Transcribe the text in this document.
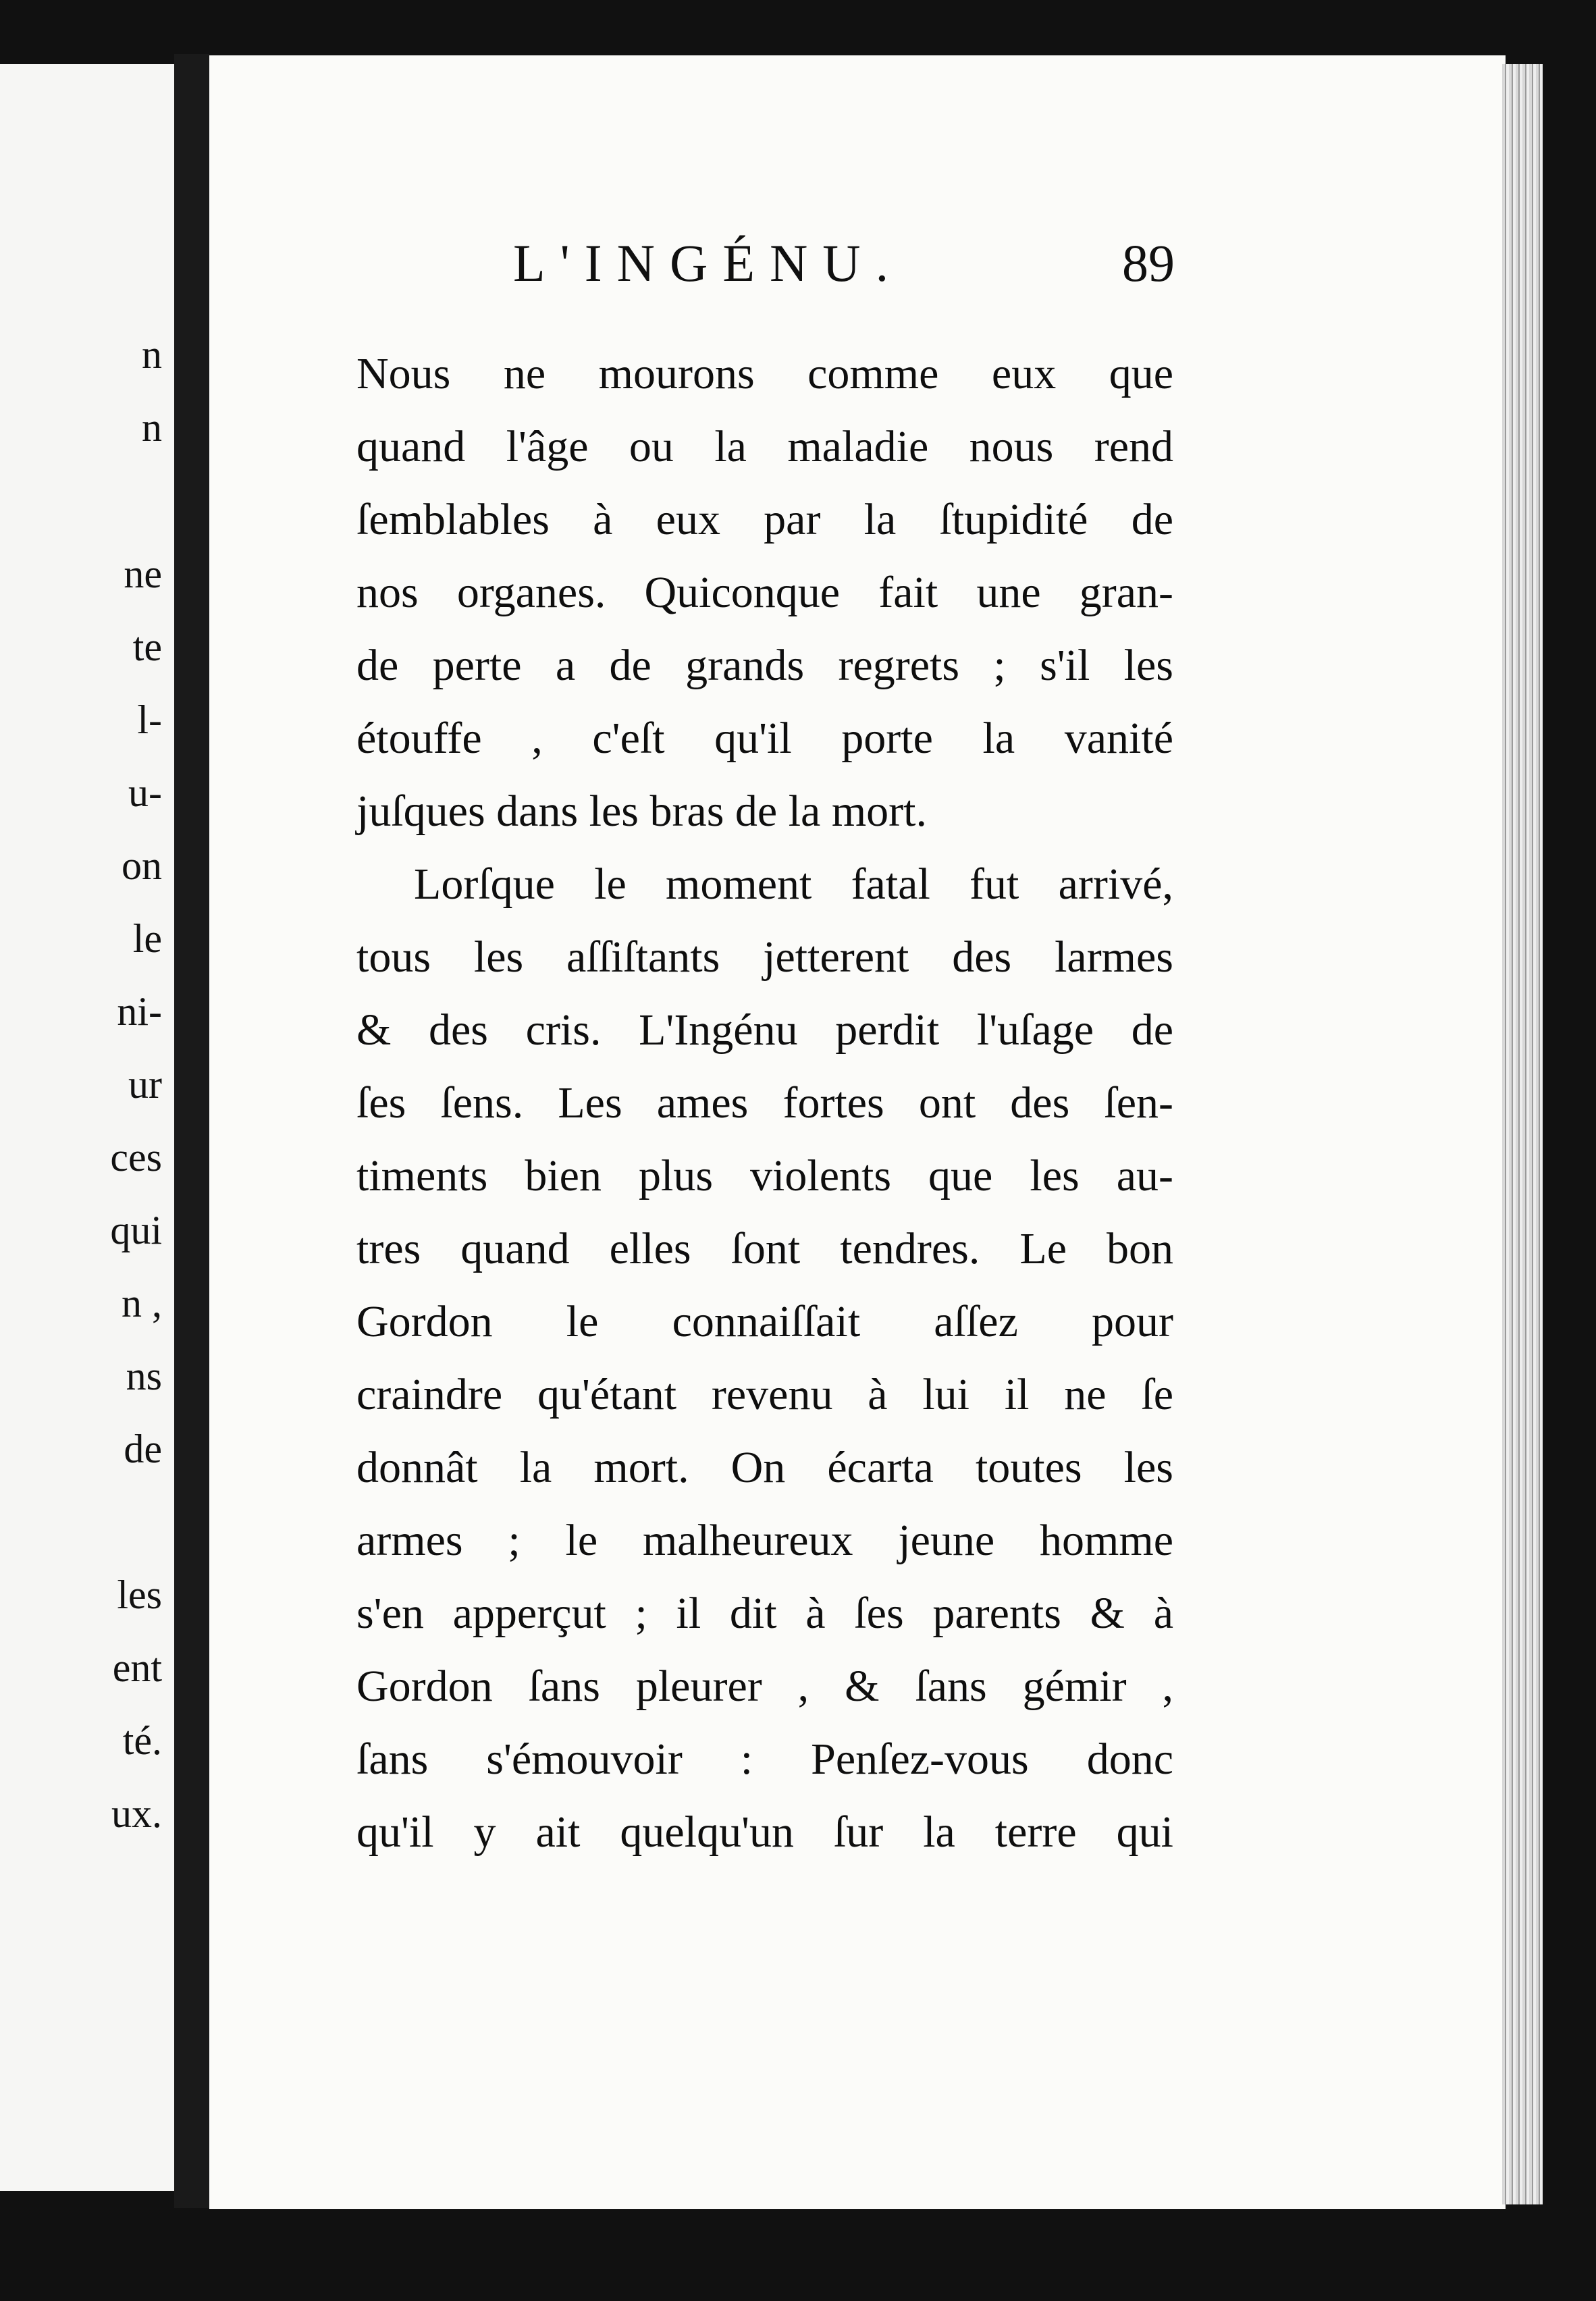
n
n
ne
te
l-
u-
on
le
ni-
ur
ces
qui
n ,
ns
de
les
ent
té.
ux.
L'INGÉNU.	89
Nous ne mourons comme eux que
quand l'âge ou la maladie nous rend
ſemblables à eux par la ſtupidité de
nos organes. Quiconque fait une gran-
de perte a de grands regrets ; s'il les
étouffe , c'eſt qu'il porte la vanité
juſques dans les bras de la mort.
Lorſque le moment fatal fut arrivé,
tous les aſſiſtants jetterent des larmes
& des cris. L'Ingénu perdit l'uſage de
ſes ſens. Les ames fortes ont des ſen-
timents bien plus violents que les au-
tres quand elles ſont tendres. Le bon
Gordon le connaiſſait aſſez pour
craindre qu'étant revenu à lui il ne ſe
donnât la mort. On écarta toutes les
armes ; le malheureux jeune homme
s'en apperçut ; il dit à ſes parents & à
Gordon ſans pleurer , & ſans gémir ,
ſans s'émouvoir : Penſez-vous donc
qu'il y ait quelqu'un ſur la terre qui
